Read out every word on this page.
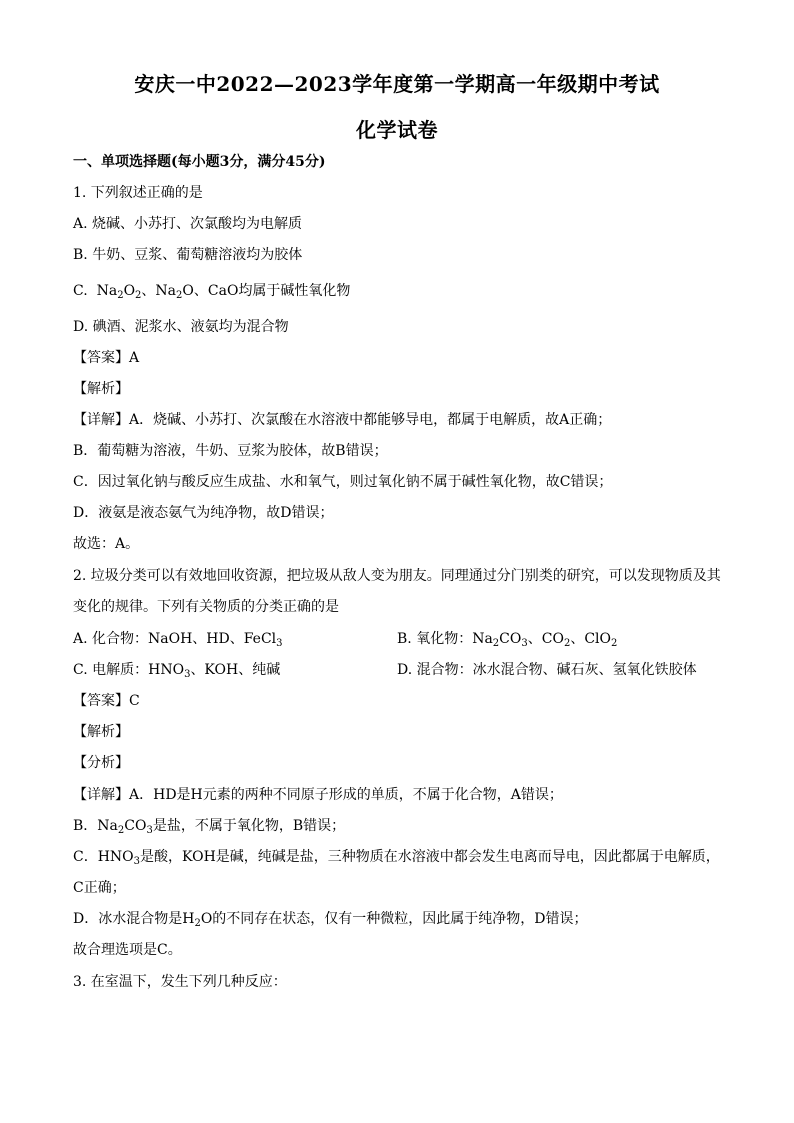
安庆一中2022—2023学年度第一学期高一年级期中考试
化学试卷
一、单项选择题(每小题3分，满分45分)
1. 下列叙述正确的是
A. 烧碱、小苏打、次氯酸均为电解质
B. 牛奶、豆浆、葡萄糖溶液均为胶体
C. $Na_2O_2$、$Na_2O$、CaO均属于碱性氧化物
D. 碘酒、泥浆水、液氨均为混合物
【答案】A
【解析】
【详解】A．烧碱、小苏打、次氯酸在水溶液中都能够导电，都属于电解质，故A正确；
B．葡萄糖为溶液，牛奶、豆浆为胶体，故B错误；
C．因过氧化钠与酸反应生成盐、水和氧气，则过氧化钠不属于碱性氧化物，故C错误；
D．液氨是液态氨气为纯净物，故D错误；
故选：A。
2. 垃圾分类可以有效地回收资源，把垃圾从敌人变为朋友。同理通过分门别类的研究，可以发现物质及其
变化的规律。下列有关物质的分类正确的是
A. 化合物：NaOH、HD、FeCl$_3$	B. 氧化物：$Na_2CO_3$、$CO_2$、ClO$_2$
C. 电解质：$HNO_3$、KOH、纯碱	D. 混合物：冰水混合物、碱石灰、氢氧化铁胶体
【答案】C
【解析】
【分析】
【详解】A．HD是H元素的两种不同原子形成的单质，不属于化合物，A错误；
B．$Na_2CO_3$是盐，不属于氧化物，B错误；
C．$HNO_3$是酸，KOH是碱，纯碱是盐，三种物质在水溶液中都会发生电离而导电，因此都属于电解质，
C正确；
D．冰水混合物是$H_2O$的不同存在状态，仅有一种微粒，因此属于纯净物，D错误；
故合理选项是C。
3. 在室温下，发生下列几种反应：
